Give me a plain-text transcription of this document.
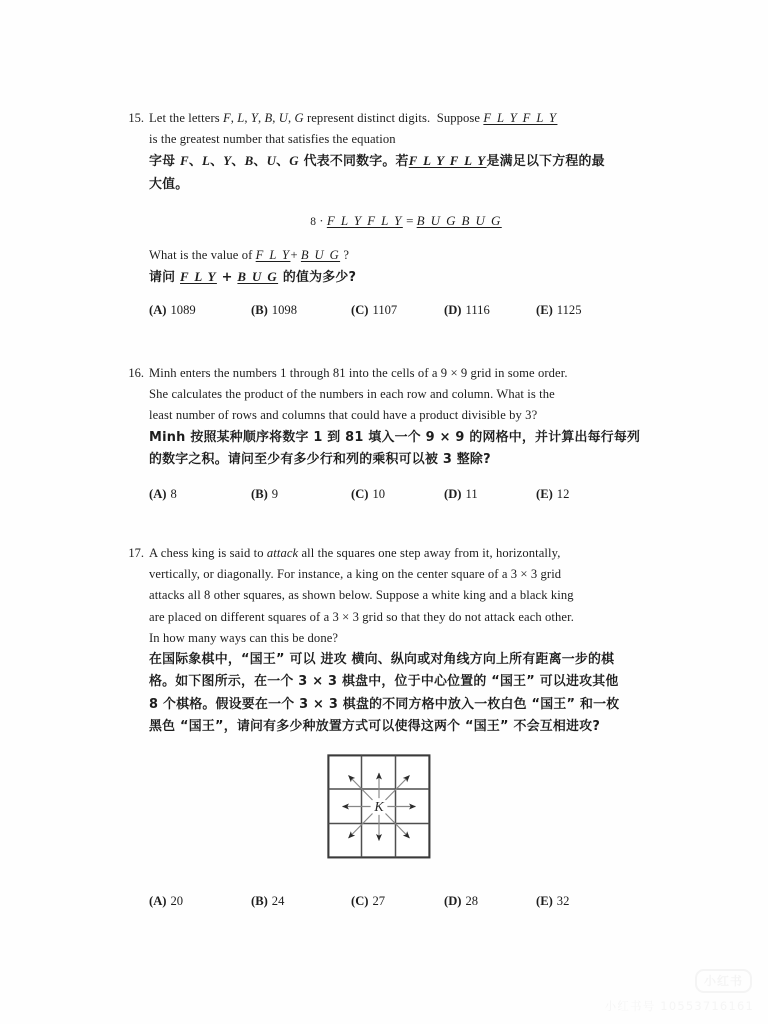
15. Let the letters F, L, Y, B, U, G represent distinct digits.  Suppose F L Y F L Y
is the greatest number that satisfies the equation
字母 F、L、Y、B、U、G 代表不同数字。若F L Y F L Y是满足以下方程的最
大值。
8 · F L Y F L Y = B U G B U G
What is the value of F L Y+ B U G ?
请问 F L Y + B U G 的值为多少?
(A) 1089	(B) 1098	(C) 1107	(D) 1116	(E) 1125
16. Minh enters the numbers 1 through 81 into the cells of a 9 × 9 grid in some order.
She calculates the product of the numbers in each row and column. What is the
least number of rows and columns that could have a product divisible by 3?
Minh 按照某种顺序将数字 1 到 81 填入一个 9 × 9 的网格中，并计算出每行每列
的数字之积。请问至少有多少行和列的乘积可以被 3 整除?
(A) 8	(B) 9	(C) 10	(D) 11	(E) 12
17. A chess king is said to attack all the squares one step away from it, horizontally,
vertically, or diagonally. For instance, a king on the center square of a 3 × 3 grid
attacks all 8 other squares, as shown below. Suppose a white king and a black king
are placed on different squares of a 3 × 3 grid so that they do not attack each other.
In how many ways can this be done?
在国际象棋中，“国王” 可以 进攻 横向、纵向或对角线方向上所有距离一步的棋
格。如下图所示，在一个 3 × 3 棋盘中，位于中心位置的 “国王” 可以进攻其他
8 个棋格。假设要在一个 3 × 3 棋盘的不同方格中放入一枚白色 “国王” 和一枚
黑色 “国王”，请问有多少种放置方式可以使得这两个 “国王” 不会互相进攻?
K
(A) 20	(B) 24	(C) 27	(D) 28	(E) 32
小红书
小红书号 10553716161
